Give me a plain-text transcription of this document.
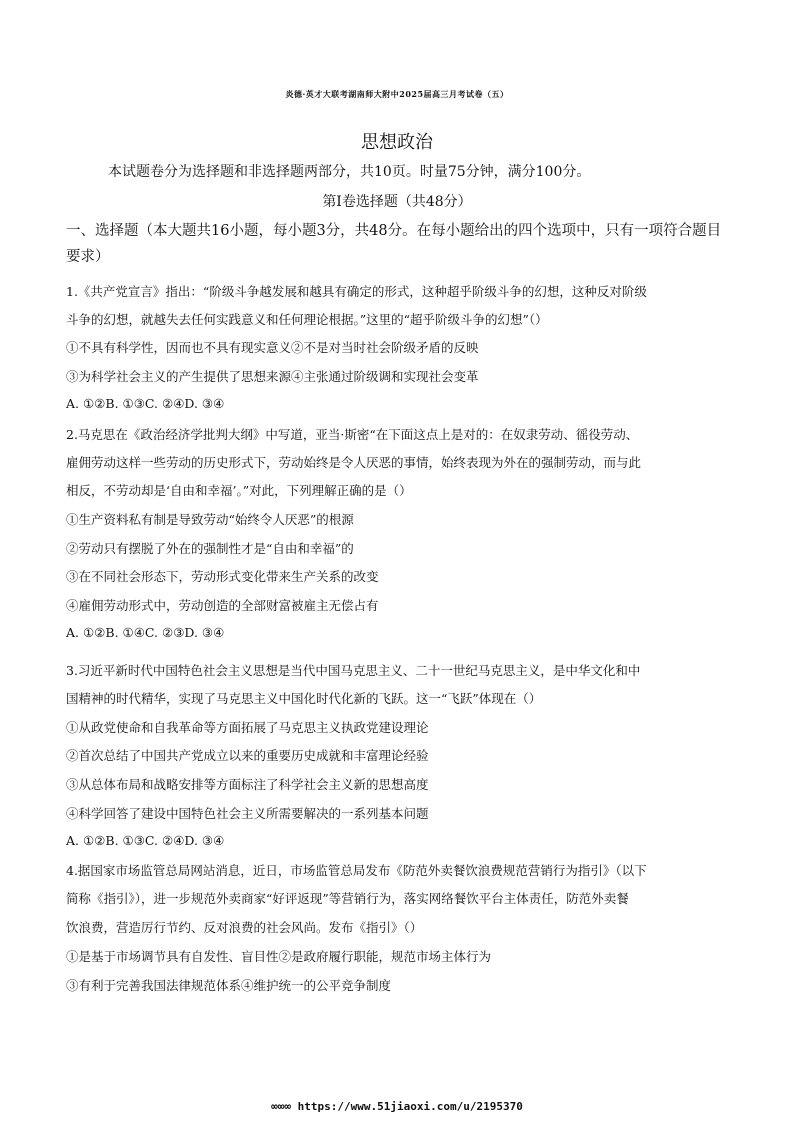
炎德·英才大联考湖南师大附中2025届高三月考试卷（五）
思想政治
本试题卷分为选择题和非选择题两部分，共10页。时量75分钟，满分100分。
第Ⅰ卷选择题（共48分）
一、选择题（本大题共16小题，每小题3分，共48分。在每小题给出的四个选项中，只有一项符合题目要求）
1.《共产党宣言》指出：“阶级斗争越发展和越具有确定的形式，这种超乎阶级斗争的幻想，这种反对阶级
斗争的幻想，就越失去任何实践意义和任何理论根据。”这里的“超乎阶级斗争的幻想”（）
①不具有科学性，因而也不具有现实意义②不是对当时社会阶级矛盾的反映
③为科学社会主义的产生提供了思想来源④主张通过阶级调和实现社会变革
A. ①②B. ①③C. ②④D. ③④
2.马克思在《政治经济学批判大纲》中写道，亚当·斯密“在下面这点上是对的：在奴隶劳动、徭役劳动、
雇佣劳动这样一些劳动的历史形式下，劳动始终是令人厌恶的事情，始终表现为外在的强制劳动，而与此
相反，不劳动却是‘自由和幸福’。”对此，下列理解正确的是（）
①生产资料私有制是导致劳动“始终令人厌恶”的根源
②劳动只有摆脱了外在的强制性才是“自由和幸福”的
③在不同社会形态下，劳动形式变化带来生产关系的改变
④雇佣劳动形式中，劳动创造的全部财富被雇主无偿占有
A. ①②B. ①④C. ②③D. ③④
3.习近平新时代中国特色社会主义思想是当代中国马克思主义、二十一世纪马克思主义，是中华文化和中
国精神的时代精华，实现了马克思主义中国化时代化新的飞跃。这一“飞跃”体现在（）
①从政党使命和自我革命等方面拓展了马克思主义执政党建设理论
②首次总结了中国共产党成立以来的重要历史成就和丰富理论经验
③从总体布局和战略安排等方面标注了科学社会主义新的思想高度
④科学回答了建设中国特色社会主义所需要解决的一系列基本问题
A. ①②B. ①③C. ②④D. ③④
4.据国家市场监管总局网站消息，近日，市场监管总局发布《防范外卖餐饮浪费规范营销行为指引》（以下
简称《指引》），进一步规范外卖商家“好评返现”等营销行为，落实网络餐饮平台主体责任，防范外卖餐
饮浪费，营造厉行节约、反对浪费的社会风尚。发布《指引》（）
①是基于市场调节具有自发性、盲目性②是政府履行职能，规范市场主体行为
③有利于完善我国法律规范体系④维护统一的公平竞争制度
∞∞∞ https://www.51jiaoxi.com/u/2195370
